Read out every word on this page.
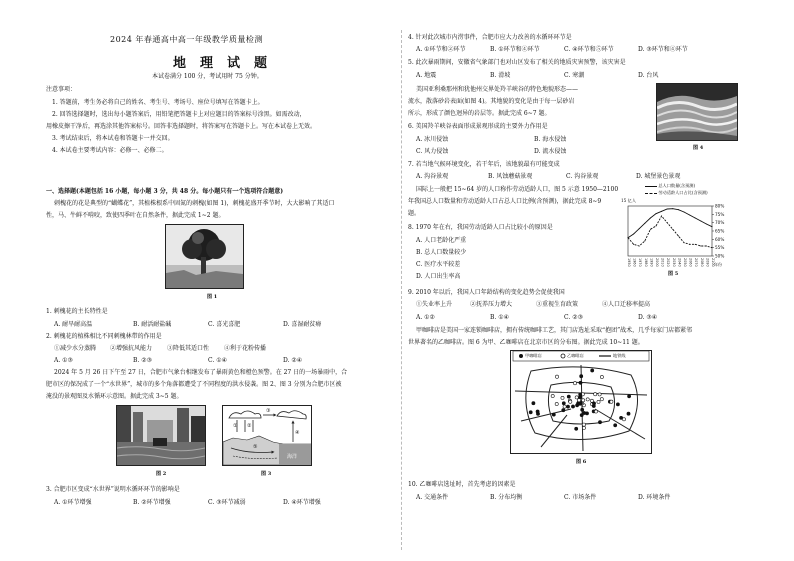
2024 年春通高中高一年级教学质量检测
地理试题
本试卷满分 100 分，考试用时 75 分钟。
注意事项：
1. 答题前，考生务必将自己的姓名、考生号、考场号、座位号填写在答题卡上。
2. 回答选择题时，选出每小题答案后，用铅笔把答题卡上对应题目的答案标号涂黑。如需改动，
用橡皮擦干净后，再选涂其他答案标号。回答非选择题时，将答案写在答题卡上。写在本试卷上无效。
3. 考试结束后，将本试卷和答题卡一并交回。
4. 本试卷主要考试内容：必修一、必修二。
一、选择题(本题包括 16 小题，每小题 3 分，共 48 分。每小题只有一个选项符合题意)
刺槐花的花是典型的“蝴蝶花”，其植株根系中固氮的刺槐(如图 1)，刺槐花盛开季节时，大大影响了其适口
性，马、牛鲜不啃咬，致使四季叶在自然条件，据此完成 1~2 题。
图 1
1. 刺槐花的主长特性是
A. 耐旱耐高温	B. 耐活耐盐碱	C. 喜光喜肥	D. 喜湿耐贫瘠
2. 刺槐花的植株相比不同刺槐林带的作用是
①减少水分蒸腾 ②增强抗风能力 ③降低其适口性 ④利于花粉传播
A. ①③	B. ②③	C. ①④	D. ②④
2024 年 5 月 26 日下午至 27 日，合肥市气象台相继发布了暴雨黄色和橙色预警。在 27 日的一场暴雨中，合
肥市区的保况成了一个“水世界”，城市的多个角落都遭受了不同程度的洪水侵袭。图 2、图 3 分别为合肥市区被
淹没的景观图及水循环示意图。据此完成 3~5 题。
图 2
① ②
③
④
⑤
海洋
图 3
3. 合肥市区变成“水世界”说明水循环环节的影响是
A. ①环节增强	B. ②环节增强	C. ③环节减弱	D. ④环节增强
4. 针对此次城市内涝事件，合肥市应大力改善的水循环环节是
A. ①环节和②环节	B. ①环节和④环节	C. ④环节和⑤环节	D. ③环节和④环节
5. 此次暴雨期间，安徽省气象部门也对山区发布了相关的地质灾害预警，该灾害是
A. 地震	B. 滑坡	C. 寒潮	D. 台风
美国亚利桑那州和犹他州交界处羚羊峡谷的特色地貌形态——
流水，散落砂岩表面(如图 4)。其地貌的变化是由于每一层砂岩
所示，形成了颜色迥异的岩层等。据此完成 6~7 题。
图 4
6. 美国羚羊峡谷表面形成景观形成的主要外力作用是
A. 冰川侵蚀	B. 海水侵蚀
C. 风力侵蚀	D. 流水侵蚀
7. 若当地气候环境变化，若干年后，该地貌最有可能变成
A. 沟谷景观	B. 风蚀蘑菇景观	C. 沟谷景观	D. 城堡景色景观
国际上一般把 15~64 岁的人口称作劳动适龄人口，图 5 示意 1950—2100
年我国总人口数量和劳动适龄人口占总人口比例(含预测)，据此完成 8~9
题。
总人口数量(含预测)
劳动适龄人口占比(含预测)
15 亿人
80%
75%
70%
65%
60%
55%
50%
1950 1960 1970 1980 1990 2000 2010 2020 2030 2040 2050 2060 2070 2080 2090 2100 年份
图 5
8. 1970 年在右，我国劳动适龄人口占比较小的原因是
A. 人口老龄化严重
B. 总人口数量较少
C. 医疗水平较差
D. 人口出生率高
9. 2010 年以后，我国人口年龄结构的变化趋势会促使我国
①失业率上升	②抚养压力增大	③重视生育政策	④人口迁移率提高
A. ①②	B. ①④	C. ②③	D. ③④
甲咖啡店是美国一家连锁咖啡店，拥有传统咖啡工艺，其门店选址采取“抱团”战术，几乎每家门店都紧邻
世界著名的乙咖啡店。图 6 为甲、乙咖啡店在北京市区的分布图。据此完成 10~11 题。
甲咖啡店	乙咖啡店	地铁线
图 6
10. 乙咖啡店选址时，首先考虑的因素是
A. 交通条件	B. 分布均衡	C. 市场条件	D. 环境条件
